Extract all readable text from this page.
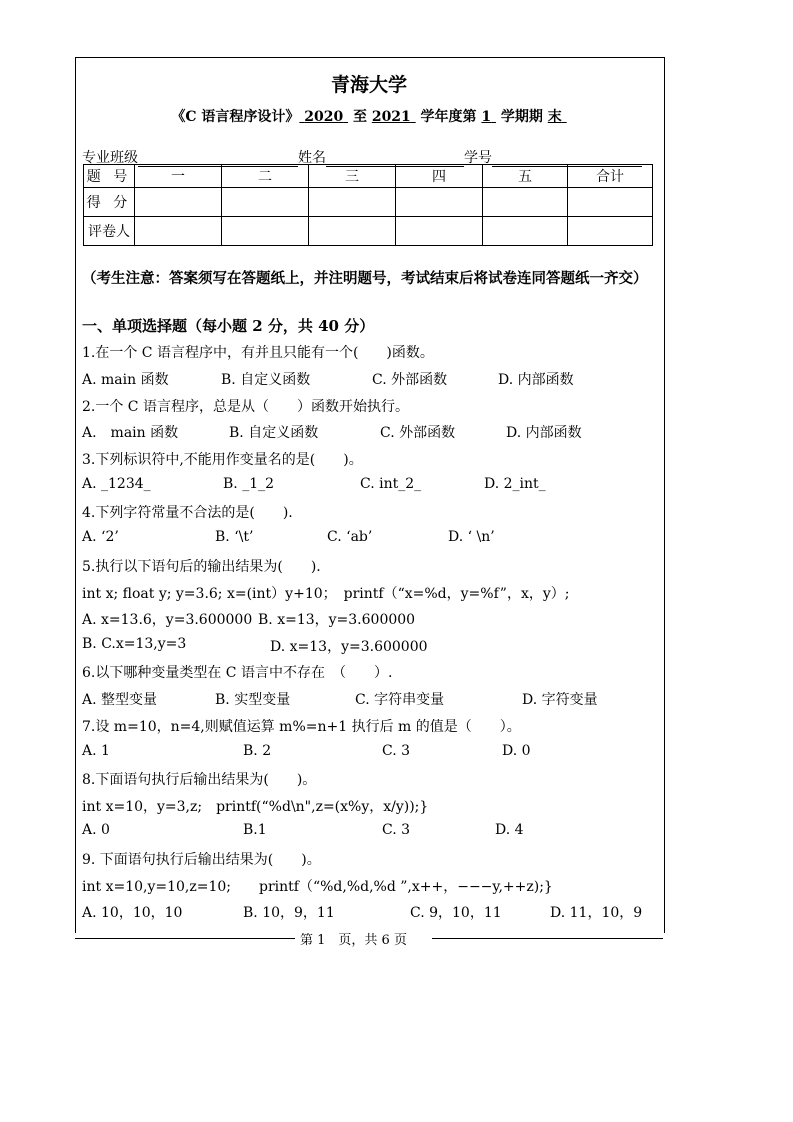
青海大学
《C 语言程序设计》 2020  至 2021  学年度第 1  学期期 末
专业班级	姓名	学号
题 号	一	二	三	四	五	合计
得 分						
评卷人						
（考生注意：答案须写在答题纸上，并注明题号，考试结束后将试卷连同答题纸一齐交）
一、单项选择题（每小题 2 分，共 40 分）
1.在一个 C 语言程序中，有并且只能有一个(　　)函数。
A. main 函数	B. 自定义函数	C. 外部函数	D. 内部函数
2.一个 C 语言程序，总是从（　　）函数开始执行。
A.　main 函数	B. 自定义函数	C. 外部函数	D. 内部函数
3.下列标识符中,不能用作变量名的是(　　)。
A. _1234_	B. _1_2	C. int_2_	D. 2_int_
4.下列字符常量不合法的是(　　).
A. ‘2’	B. ‘\t’	C. ‘ab’	D. ‘ \n’
5.执行以下语句后的输出结果为(　　).
int x; float y; y=3.6; x=(int）y+10；　printf（“x=%d，y=%f”，x，y）;
A. x=13.6，y=3.600000 B. x=13，y=3.600000
B. C.x=13,y=3	D. x=13，y=3.600000
6.以下哪种变量类型在 C 语言中不存在　（　　）.
A. 整型变量	B. 实型变量	C. 字符串变量	D. 字符变量
7.设 m=10，n=4,则赋值运算 m%=n+1 执行后 m 的值是（　　）。
A. 1	B. 2	C. 3	D. 0
8.下面语句执行后输出结果为(　　)。
int x=10，y=3,z;　printf(“%d\n",z=(x%y，x/y));}
A. 0	B.1	C. 3	D. 4
9. 下面语句执行后输出结果为(　　)。
int x=10,y=10,z=10;　　printf（“%d,%d,%d ”,x++，−−−y,++z);}
A. 10，10，10	B. 10，9，11	C. 9，10，11	D. 11，10，9
第 1　页，共 6 页
